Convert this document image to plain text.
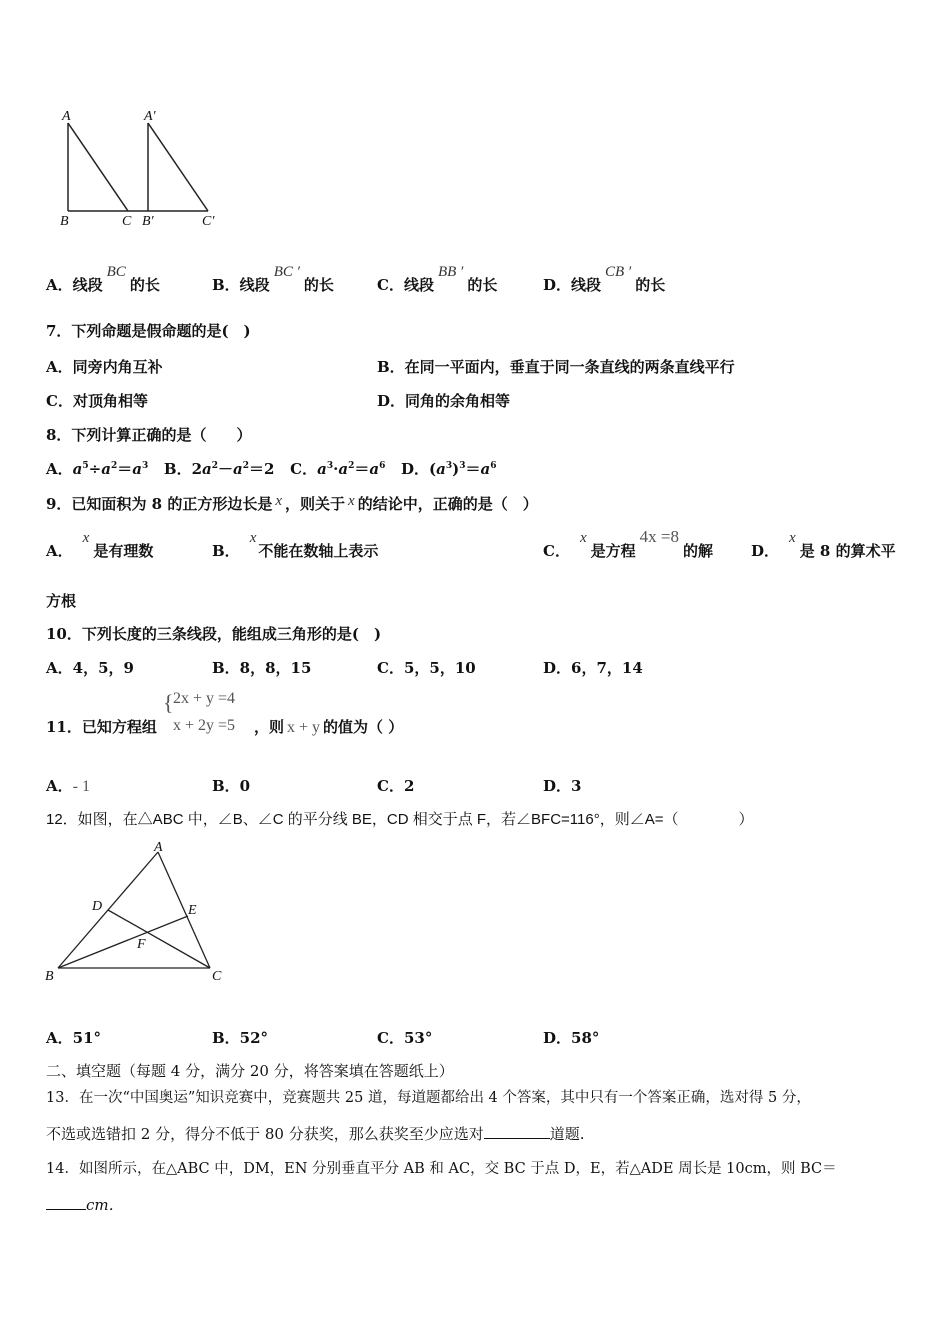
A
B	C
A′
B′	C′
A．线段BC的长	B．线段BC ′的长	C．线段BB ′的长	D．线段CB ′的长
7．下列命题是假命题的是(　)
A．同旁内角互补	B．在同一平面内，垂直于同一条直线的两条直线平行
C．对顶角相等	D．同角的余角相等
8．下列计算正确的是（　　）
A．$a^5\div a^2=a^3$ B．$2a^2-a^2=2$ C．$a^3\cdot a^2=a^6$ D．$(a^3)^3=a^6$
9．已知面积为 8 的正方形边长是 x ，则关于 x 的结论中，正确的是（　）
A．x是有理数	B．x不能在数轴上表示	C．x是方程4x =8的解	D．x是 8 的算术平
方根
10．下列长度的三条线段，能组成三角形的是(　)
A．4，5，9	B．8，8，15	C．5，5，10	D．6，7，14
11．已知方程组
{ 2x + y =4
x + 2y =5 ，则 x + y 的值为（ ）
A．- 1	B．0	C．2	D．3
12．如图，在△ABC 中，∠B、∠C 的平分线 BE，CD 相交于点 F，若∠BFC=116°，则∠A=（　　　　）
A
B	C
D	E
F
A．51°	B．52°	C．53°	D．58°
二、填空题（每题 4 分，满分 20 分，将答案填在答题纸上）
13．在一次“中国奥运”知识竞赛中，竞赛题共 25 道，每道题都给出 4 个答案，其中只有一个答案正确，选对得 5 分，
不选或选错扣 2 分，得分不低于 80 分获奖，那么获奖至少应选对	道题.
14．如图所示，在△ABC 中，DM，EN 分别垂直平分 AB 和 AC，交 BC 于点 D，E，若△ADE 周长是 10cm，则 BC＝
cm．
